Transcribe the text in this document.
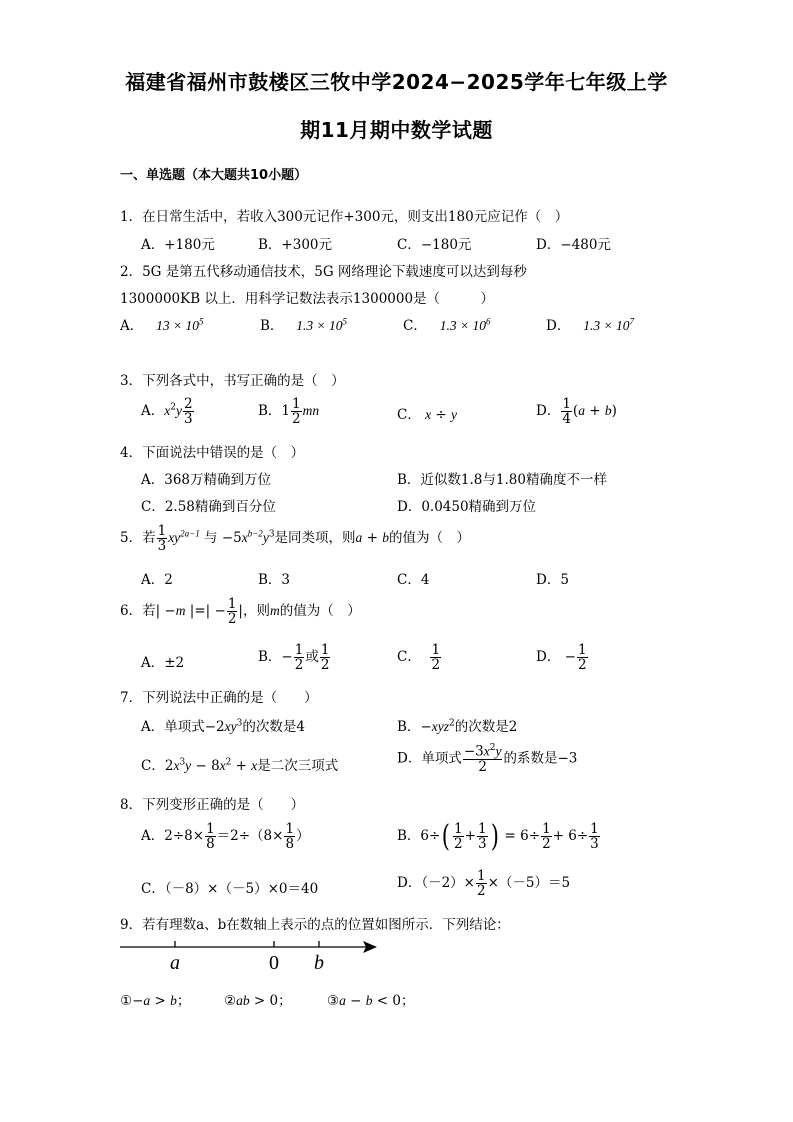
福建省福州市鼓楼区三牧中学2024−2025学年七年级上学
期11月期中数学试题
一、单选题（本大题共10小题）
1．在日常生活中，若收入300元记作+300元，则支出180元应记作（　）
A．+180元	B．+300元	C．−180元	D．−480元
2．5G 是第五代移动通信技术，5G 网络理论下载速度可以达到每秒
1300000KB 以上．用科学记数法表示1300000是（　　　）
A． $13 \times 10^5$	B． $1.3 \times 10^5$	C． $1.3 \times 10^6$	D． $1.3 \times 10^7$
3．下列各式中，书写正确的是（　）
A．$x^2y \frac{2}{3}$	B．$1 \frac{1}{2}$ mn	C． x ÷ y	D． $\frac{1}{4} (a + b)$
4．下面说法中错误的是（　）
A．368万精确到万位	B．近似数1.8与1.80精确度不一样
C．2.58精确到百分位	D．0.0450精确到万位
5．若 $\frac{1}{3} xy^{2a-1}$ 与 $-5x^{b-2}y^3$是同类项，则a + b的值为（　）
A．2	B．3	C．4	D．5
6．若| −m |=| − $\frac{1}{2}$ |，则m的值为（　）
A．±2	B．− $\frac{1}{2}$ 或 $\frac{1}{2}$	C． $\frac{1}{2}$	D． − $\frac{1}{2}$
7．下列说法中正确的是（　　）
A．单项式$-2xy^3$的次数是4	B．−xyz$^2$的次数是2
C．$2x^3y - 8x^2 + x$是二次三项式	D．单项式 $\frac{-3x^2y}{2}$ 的系数是−3
8．下列变形正确的是（　　）
A．$2\div 8\times \frac{1}{8} =2\div(8\times \frac{1}{8}$ ）	B．$6\div( \frac{1}{2} + \frac{1}{3}$ ) = $6\div \frac{1}{2} + 6\div \frac{1}{3}$
C．（－8）×（－5）×0＝40	D．$(-2)\times \frac{1}{2} \times(-5)=5$
9．若有理数a、b在数轴上表示的点的位置如图所示．下列结论：
a	0 b
①−a > b； ②ab > 0；	③a − b < 0；
